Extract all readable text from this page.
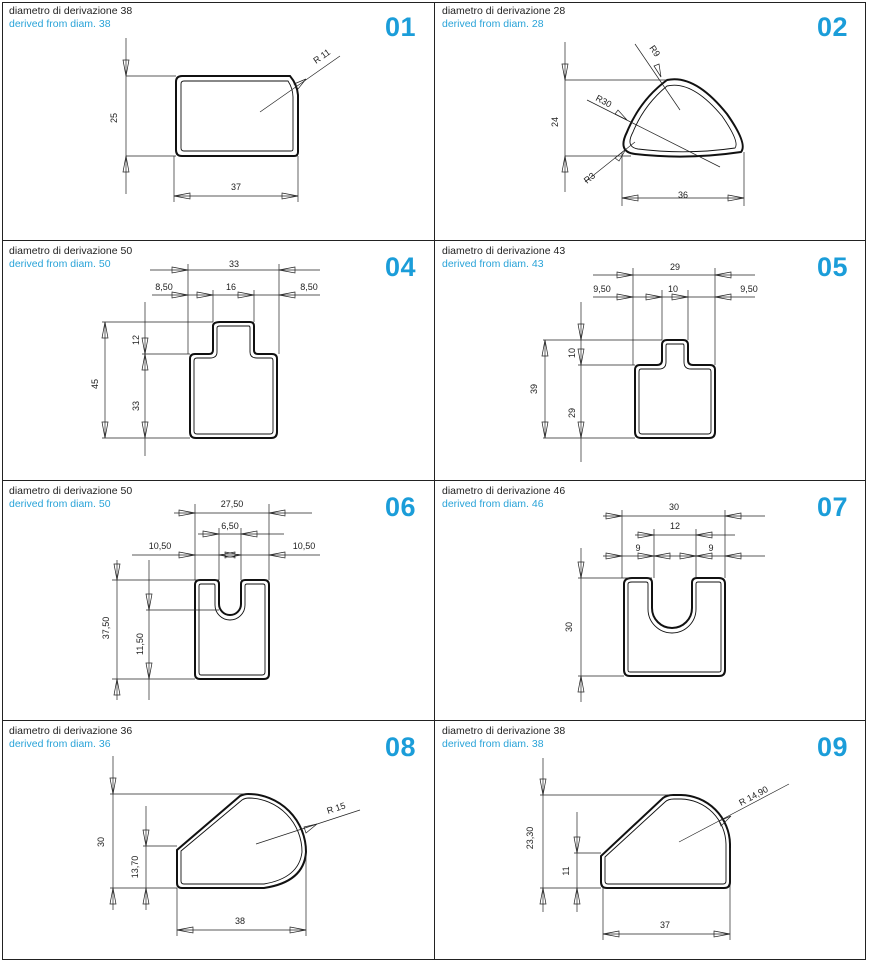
diametro di derivazione 38
derived from diam. 38	01
25
37
R 11
diametro di derivazione 28
derived from diam. 28	02
24
36
R9
R30
R3
diametro di derivazione 50
derived from diam. 50	04
33
8,50	16	8,50
45
12
33
diametro di derivazione 43
derived from diam. 43	05
29
9,50	10	9,50
39
10
29
diametro di derivazione 50
derived from diam. 50	06
27,50
6,50
10,50	10,50
37,50
11,50
diametro di derivazione 46
derived from diam. 46	07
30
12
9	9
30
diametro di derivazione 36
derived from diam. 36	08
30
13,70
38
R 15
diametro di derivazione 38
derived from diam. 38	09
23,30
11
37
R 14,90
